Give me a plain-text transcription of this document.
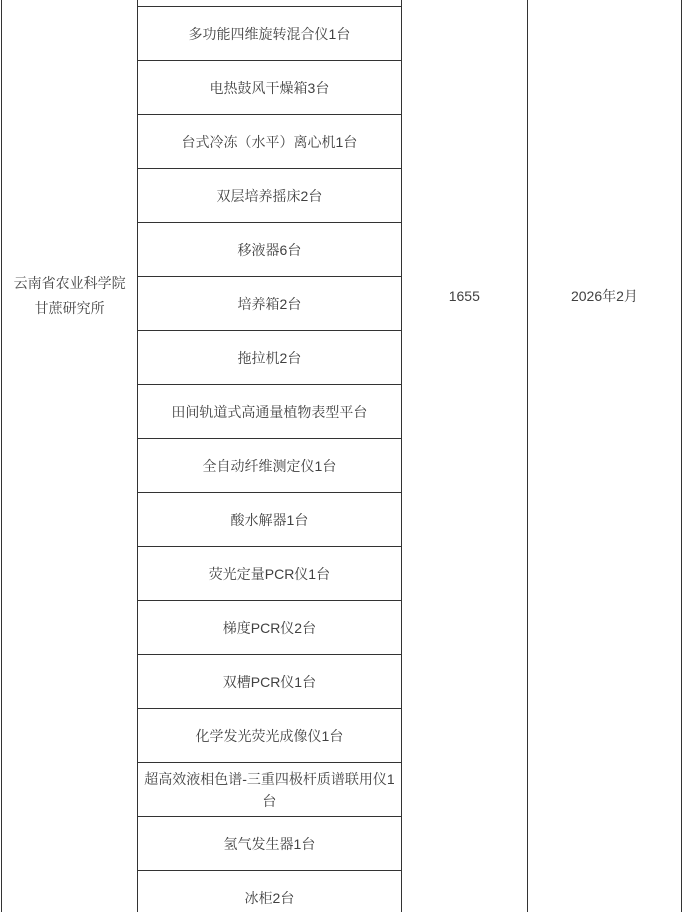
云南省农业科学院
甘蔗研究所

1655	2026年2月

多功能四维旋转混合仪1台
电热鼓风干燥箱3台
台式冷冻（水平）离心机1台
双层培养摇床2台
移液器6台
培养箱2台
拖拉机2台
田间轨道式高通量植物表型平台
全自动纤维测定仪1台
酸水解器1台
荧光定量PCR仪1台
梯度PCR仪2台
双槽PCR仪1台
化学发光荧光成像仪1台
超高效液相色谱-三重四极杆质谱联用仪1台
氢气发生器1台
冰柜2台
